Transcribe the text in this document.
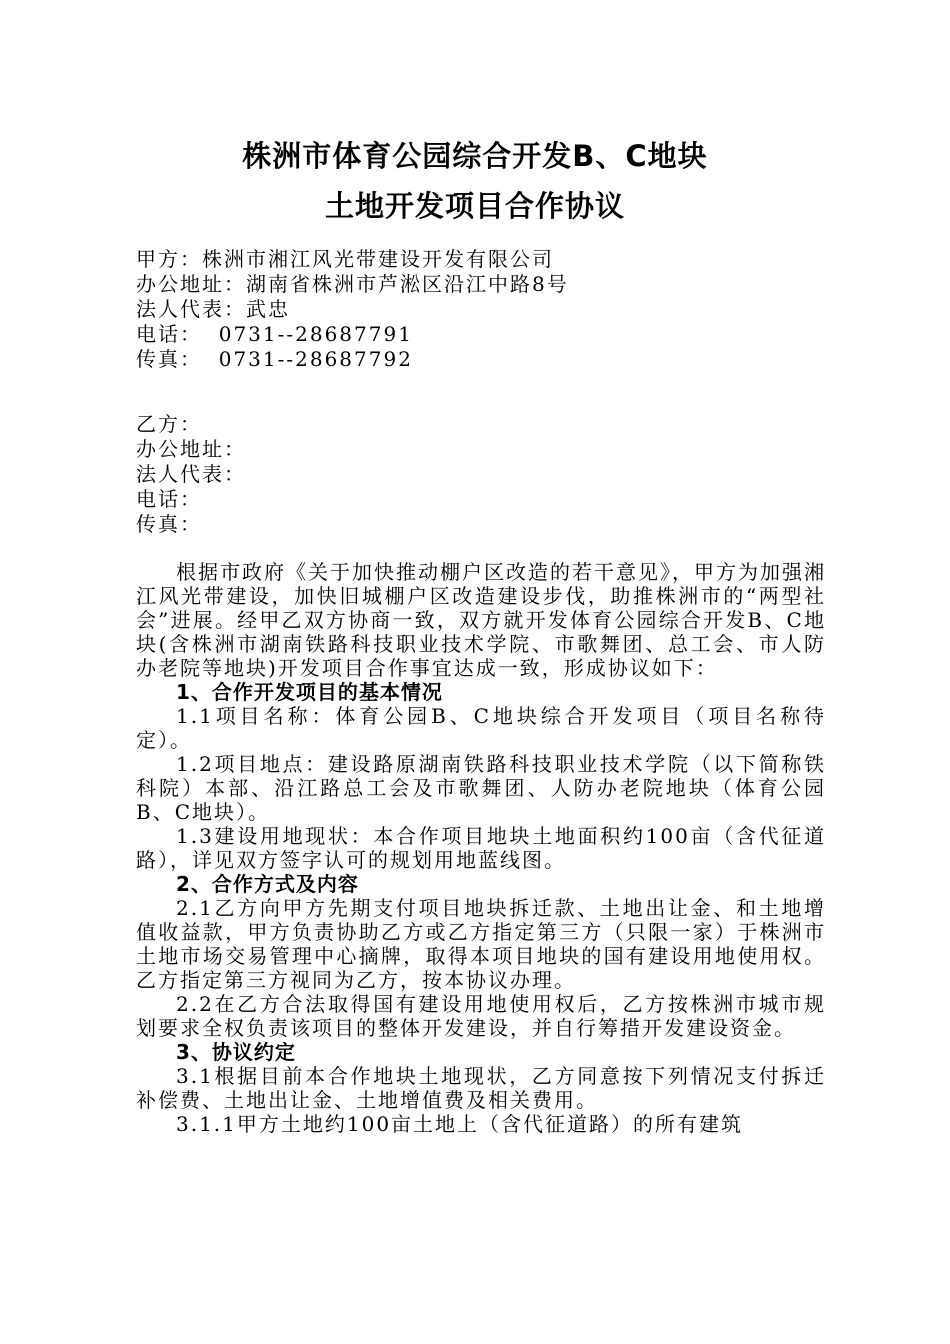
株洲市体育公园综合开发B、C地块
土地开发项目合作协议
甲方：株洲市湘江风光带建设开发有限公司
办公地址：湖南省株洲市芦淞区沿江中路8号
法人代表：武忠
电话：  0731--28687791
传真：  0731--28687792
乙方：
办公地址：
法人代表：
电话：
传真：

根据市政府《关于加快推动棚户区改造的若干意见》，甲方为加强湘江风光带建设，加快旧城棚户区改造建设步伐，助推株洲市的“两型社会”进展。经甲乙双方协商一致，双方就开发体育公园综合开发B、C地块(含株洲市湖南铁路科技职业技术学院、市歌舞团、总工会、市人防办老院等地块)开发项目合作事宜达成一致，形成协议如下：

1、合作开发项目的基本情况

1.1项目名称：体育公园B、C地块综合开发项目（项目名称待定）。

1.2项目地点：建设路原湖南铁路科技职业技术学院（以下简称铁科院）本部、沿江路总工会及市歌舞团、人防办老院地块（体育公园B、C地块）。

1.3建设用地现状：本合作项目地块土地面积约100亩（含代征道路），详见双方签字认可的规划用地蓝线图。

2、合作方式及内容

2.1乙方向甲方先期支付项目地块拆迁款、土地出让金、和土地增值收益款，甲方负责协助乙方或乙方指定第三方（只限一家）于株洲市土地市场交易管理中心摘牌，取得本项目地块的国有建设用地使用权。乙方指定第三方视同为乙方，按本协议办理。

2.2在乙方合法取得国有建设用地使用权后，乙方按株洲市城市规划要求全权负责该项目的整体开发建设，并自行筹措开发建设资金。

3、协议约定

3.1根据目前本合作地块土地现状，乙方同意按下列情况支付拆迁补偿费、土地出让金、土地增值费及相关费用。

3.1.1甲方土地约100亩土地上（含代征道路）的所有建筑
